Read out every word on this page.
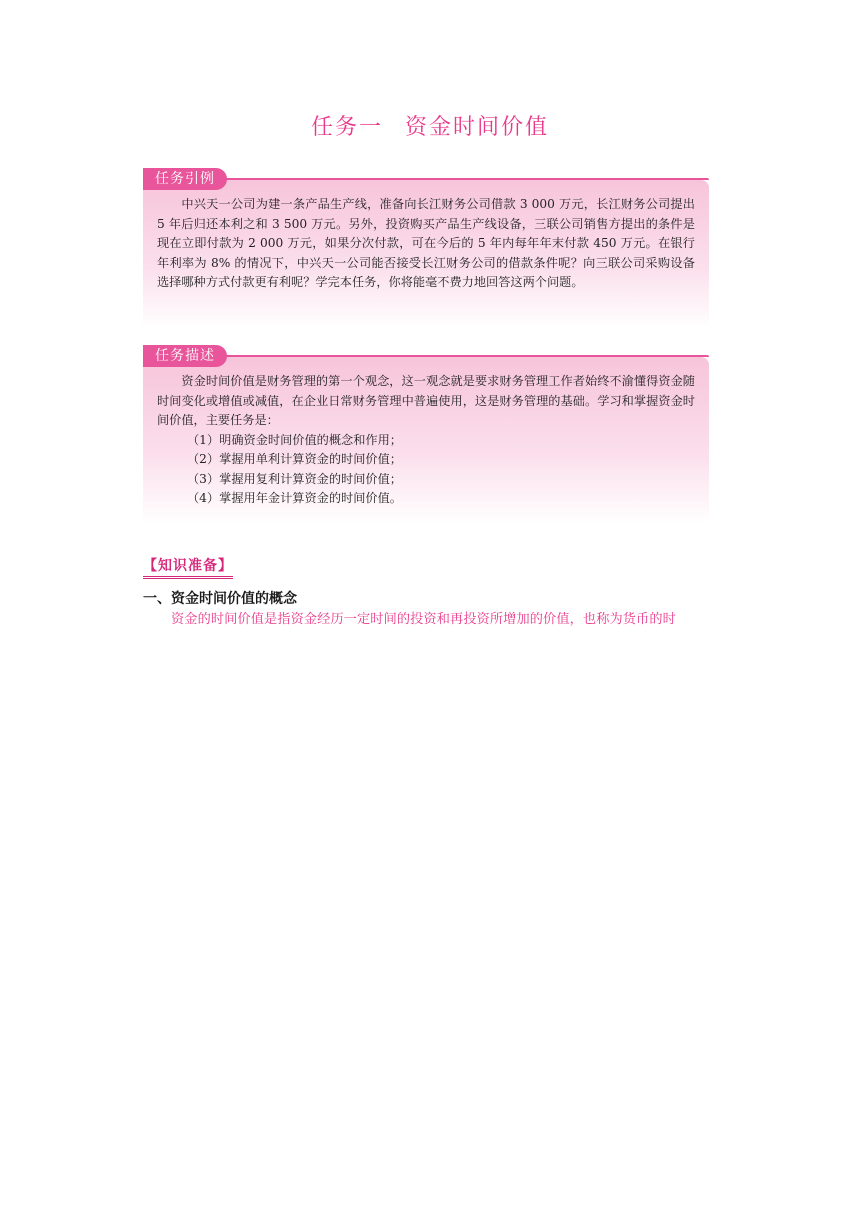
任务一 资金时间价值
任务引例

中兴天一公司为建一条产品生产线，准备向长江财务公司借款 3 000 万元，长江财务公司提出 5 年后归还本利之和 3 500 万元。另外，投资购买产品生产线设备，三联公司销售方提出的条件是现在立即付款为 2 000 万元，如果分次付款，可在今后的 5 年内每年年末付款 450 万元。在银行年利率为 8% 的情况下，中兴天一公司能否接受长江财务公司的借款条件呢？向三联公司采购设备选择哪种方式付款更有利呢？学完本任务，你将能毫不费力地回答这两个问题。

任务描述

资金时间价值是财务管理的第一个观念，这一观念就是要求财务管理工作者始终不渝懂得资金随时间变化或增值或减值，在企业日常财务管理中普遍使用，这是财务管理的基础。学习和掌握资金时间价值，主要任务是：

（1）明确资金时间价值的概念和作用；
（2）掌握用单利计算资金的时间价值；
（3）掌握用复利计算资金的时间价值；
（4）掌握用年金计算资金的时间价值。
【知识准备】
一、资金时间价值的概念
资金的时间价值是指资金经历一定时间的投资和再投资所增加的价值，也称为货币的时
